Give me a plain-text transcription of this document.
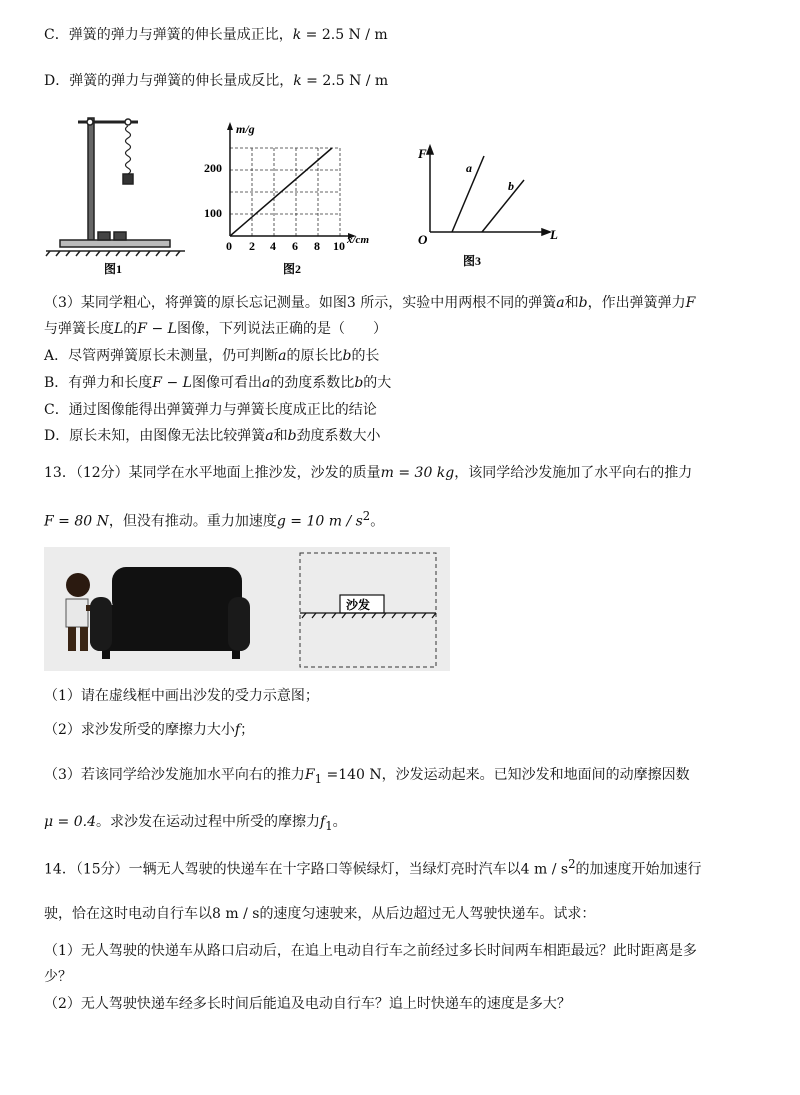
C．弹簧的弹力与弹簧的伸长量成正比，k = 2.5 N / m
D．弹簧的弹力与弹簧的伸长量成反比，k = 2.5 N / m
图1
m/g
200
100
0 2 4 6 8 10 x/cm
图2
F
a
b
O	L
图3
（3）某同学粗心，将弹簧的原长忘记测量。如图3 所示，实验中用两根不同的弹簧a和b，作出弹簧弹力F
与弹簧长度L的F − L图像，下列说法正确的是（　　）
A．尽管两弹簧原长未测量，仍可判断a的原长比b的长
B．有弹力和长度F − L图像可看出a的劲度系数比b的大
C．通过图像能得出弹簧弹力与弹簧长度成正比的结论
D．原长未知，由图像无法比较弹簧a和b劲度系数大小
13．（12分）某同学在水平地面上推沙发，沙发的质量m = 30 kg，该同学给沙发施加了水平向右的推力
F = 80 N，但没有推动。重力加速度g = 10 m / $s^2$。
沙发
（1）请在虚线框中画出沙发的受力示意图；
（2）求沙发所受的摩擦力大小f；
（3）若该同学给沙发施加水平向右的推力$F_1 =140$ N，沙发运动起来。已知沙发和地面间的动摩擦因数
μ = 0.4。求沙发在运动过程中所受的摩擦力$f_1$。
14．（15分）一辆无人驾驶的快递车在十字路口等候绿灯，当绿灯亮时汽车以4 m / $s^2$的加速度开始加速行
驶，恰在这时电动自行车以8 m / s的速度匀速驶来，从后边超过无人驾驶快递车。试求：
（1）无人驾驶的快递车从路口启动后，在追上电动自行车之前经过多长时间两车相距最远？此时距离是多
少？
（2）无人驾驶快递车经多长时间后能追及电动自行车？追上时快递车的速度是多大？
